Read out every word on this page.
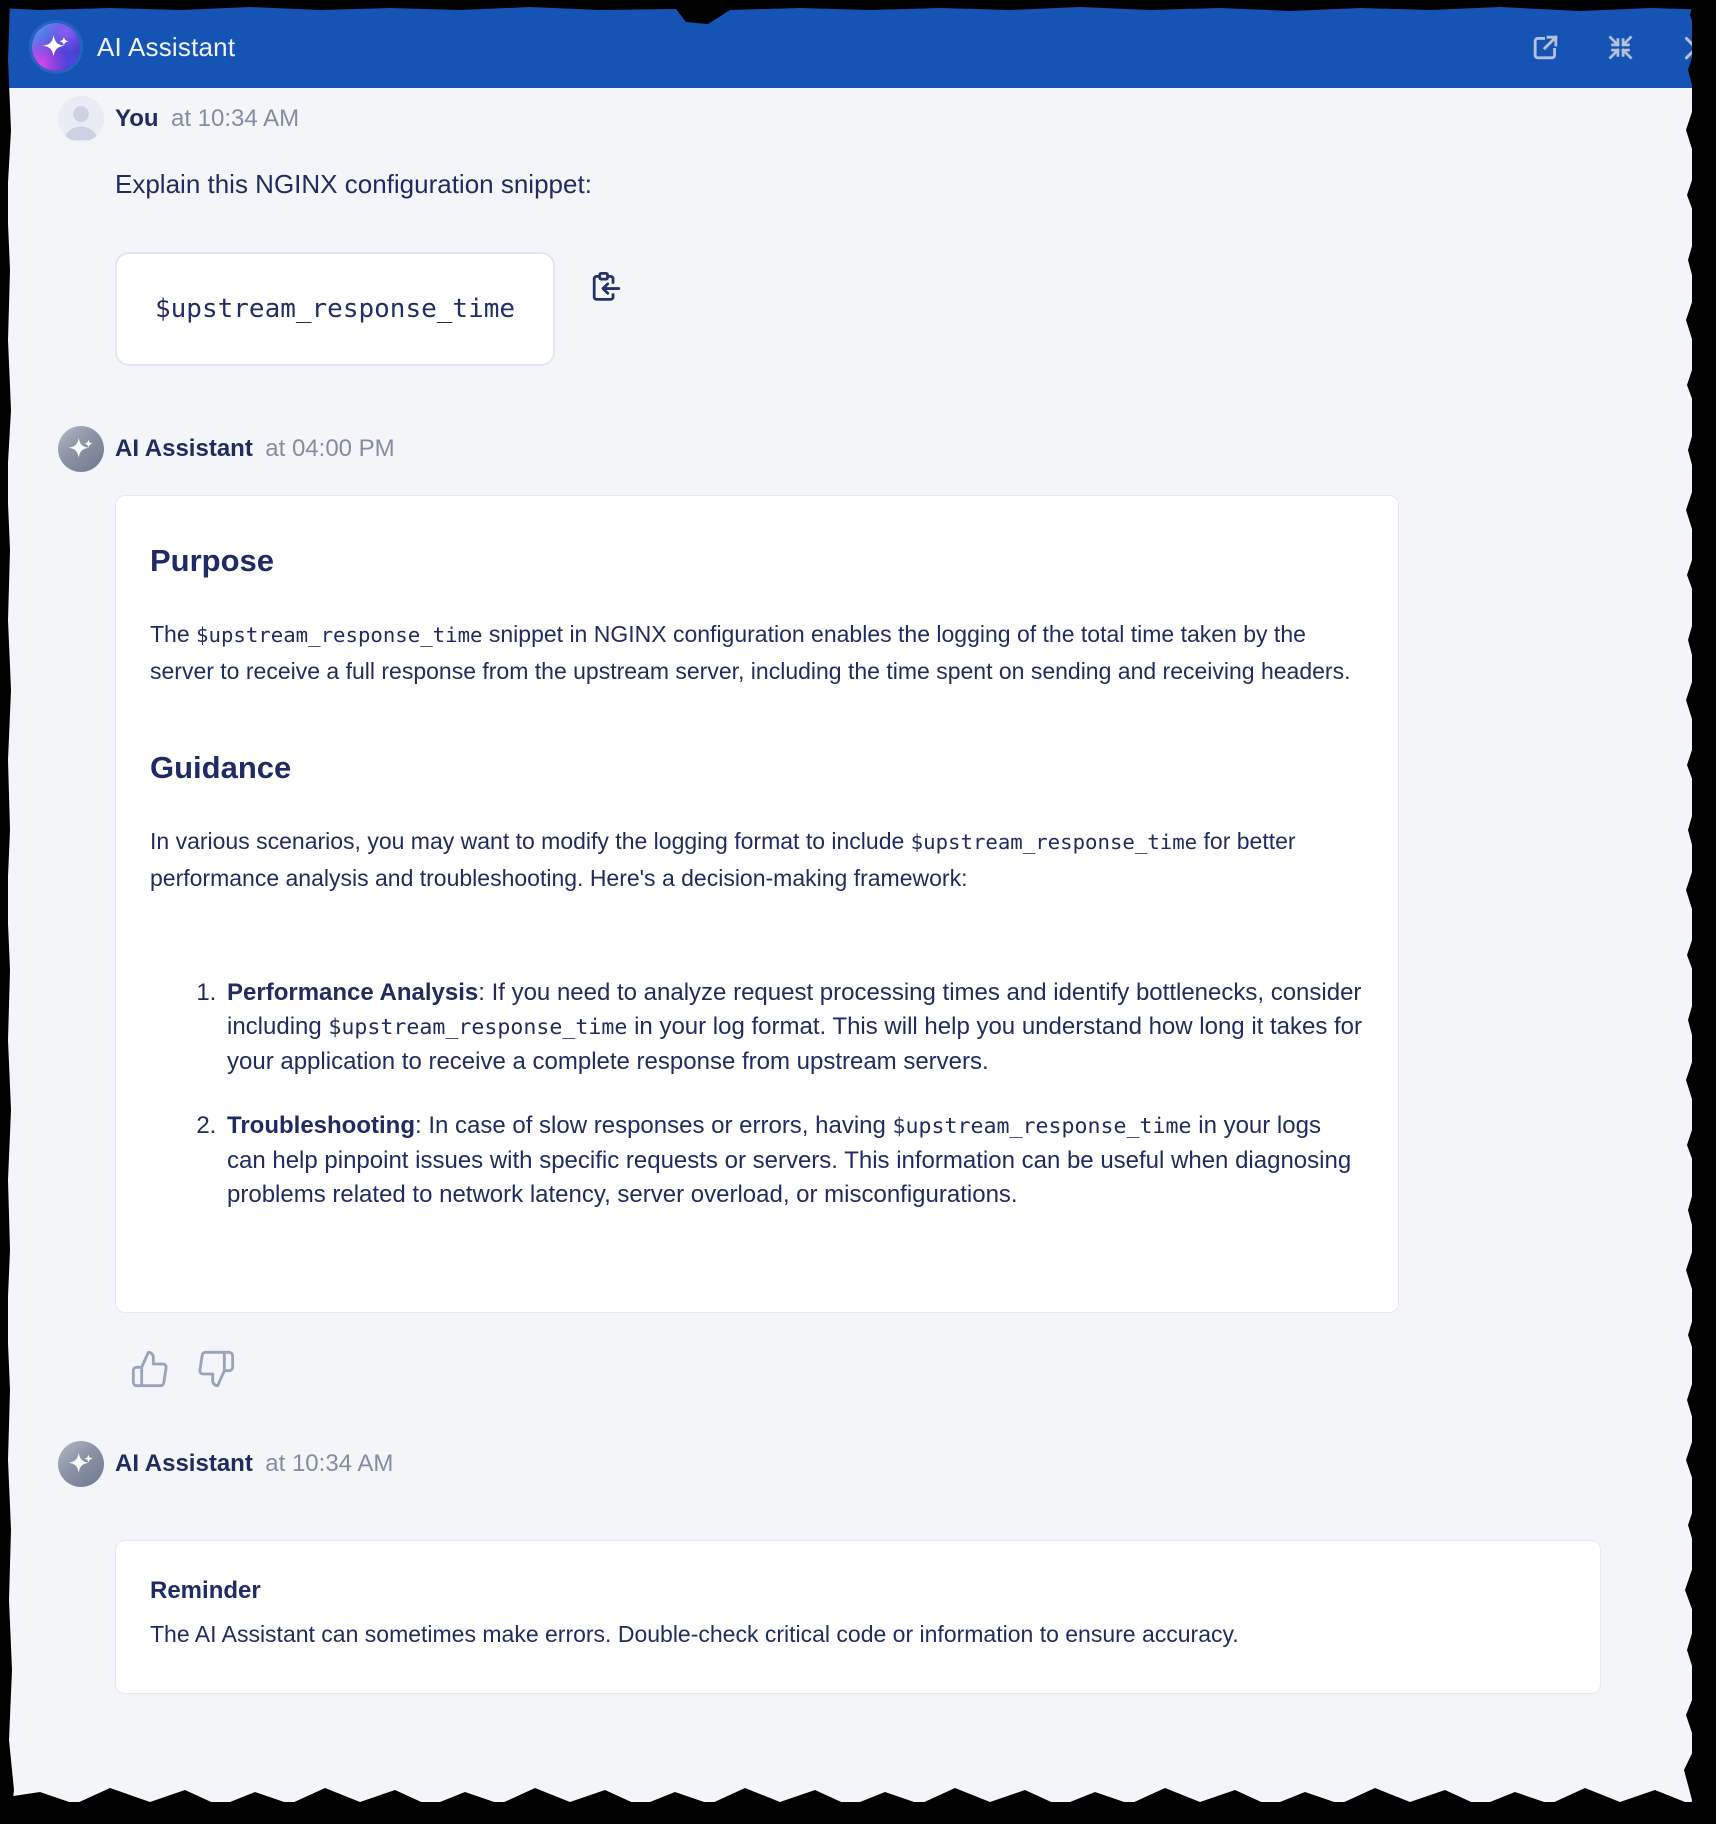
AI Assistant
You at 10:34 AM
Explain this NGINX configuration snippet:
$upstream_response_time
AI Assistant at 04:00 PM
Purpose

The $upstream_response_time snippet in NGINX configuration enables the logging of the total time taken by the server to receive a full response from the upstream server, including the time spent on sending and receiving headers.

Guidance

In various scenarios, you may want to modify the logging format to include $upstream_response_time for better performance analysis and troubleshooting. Here's a decision-making framework:

1. Performance Analysis: If you need to analyze request processing times and identify bottlenecks, consider including $upstream_response_time in your log format. This will help you understand how long it takes for your application to receive a complete response from upstream servers.
2. Troubleshooting: In case of slow responses or errors, having $upstream_response_time in your logs can help pinpoint issues with specific requests or servers. This information can be useful when diagnosing problems related to network latency, server overload, or misconfigurations.
AI Assistant at 10:34 AM
Reminder
The AI Assistant can sometimes make errors. Double-check critical code or information to ensure accuracy.
